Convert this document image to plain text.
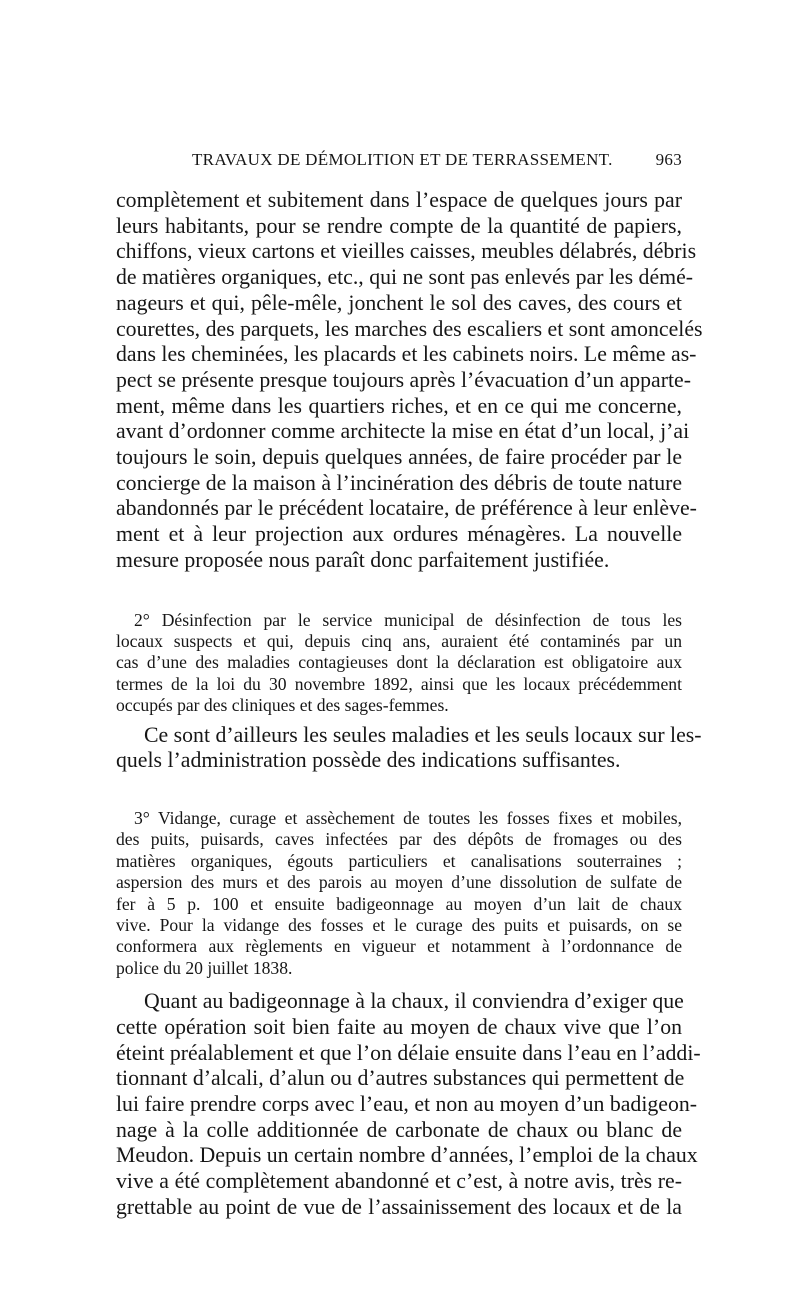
TRAVAUX DE DÉMOLITION ET DE TERRASSEMENT.	963
complètement et subitement dans l’espace de quelques jours par
leurs habitants, pour se rendre compte de la quantité de papiers,
chiffons, vieux cartons et vieilles caisses, meubles délabrés, débris
de matières organiques, etc., qui ne sont pas enlevés par les démé-
nageurs et qui, pêle-mêle, jonchent le sol des caves, des cours et
courettes, des parquets, les marches des escaliers et sont amoncelés
dans les cheminées, les placards et les cabinets noirs. Le même as-
pect se présente presque toujours après l’évacuation d’un apparte-
ment, même dans les quartiers riches, et en ce qui me concerne,
avant d’ordonner comme architecte la mise en état d’un local, j’ai
toujours le soin, depuis quelques années, de faire procéder par le
concierge de la maison à l’incinération des débris de toute nature
abandonnés par le précédent locataire, de préférence à leur enlève-
ment et à leur projection aux ordures ménagères. La nouvelle
mesure proposée nous paraît donc parfaitement justifiée.
2° Désinfection par le service municipal de désinfection de tous les
locaux suspects et qui, depuis cinq ans, auraient été contaminés par un
cas d’une des maladies contagieuses dont la déclaration est obligatoire aux
termes de la loi du 30 novembre 1892, ainsi que les locaux précédemment
occupés par des cliniques et des sages-femmes.
Ce sont d’ailleurs les seules maladies et les seuls locaux sur les-
quels l’administration possède des indications suffisantes.
3° Vidange, curage et assèchement de toutes les fosses fixes et mobiles,
des puits, puisards, caves infectées par des dépôts de fromages ou des
matières organiques, égouts particuliers et canalisations souterraines ;
aspersion des murs et des parois au moyen d’une dissolution de sulfate de
fer à 5 p. 100 et ensuite badigeonnage au moyen d’un lait de chaux
vive. Pour la vidange des fosses et le curage des puits et puisards, on se
conformera aux règlements en vigueur et notamment à l’ordonnance de
police du 20 juillet 1838.
Quant au badigeonnage à la chaux, il conviendra d’exiger que
cette opération soit bien faite au moyen de chaux vive que l’on
éteint préalablement et que l’on délaie ensuite dans l’eau en l’addi-
tionnant d’alcali, d’alun ou d’autres substances qui permettent de
lui faire prendre corps avec l’eau, et non au moyen d’un badigeon-
nage à la colle additionnée de carbonate de chaux ou blanc de
Meudon. Depuis un certain nombre d’années, l’emploi de la chaux
vive a été complètement abandonné et c’est, à notre avis, très re-
grettable au point de vue de l’assainissement des locaux et de la
